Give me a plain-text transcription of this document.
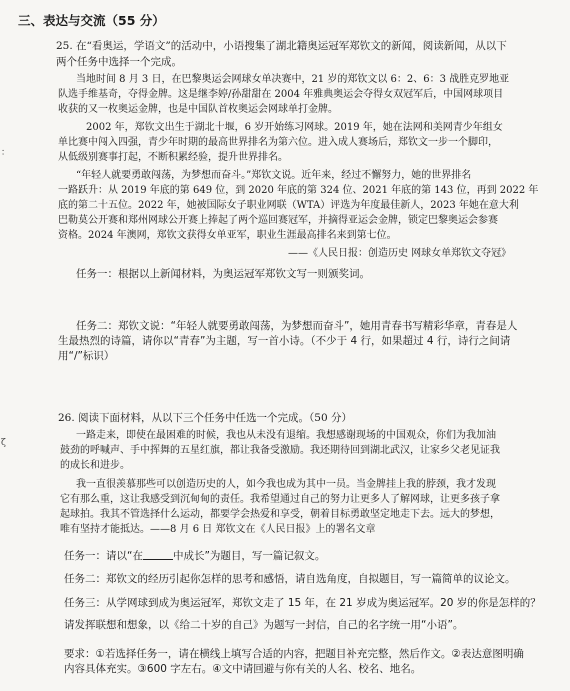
三、表达与交流（55 分）
25. 在“看奥运，学语文”的活动中，小语搜集了湖北籍奥运冠军郑钦文的新闻，阅读新闻，从以下
两个任务中选择一个完成。
当地时间 8 月 3 日，在巴黎奥运会网球女单决赛中，21 岁的郑钦文以 6：2、6：3 战胜克罗地亚
队选手维基奇，夺得金牌。这是继李婷/孙甜甜在 2004 年雅典奥运会夺得女双冠军后，中国网球项目
收获的又一枚奥运金牌，也是中国队首枚奥运会网球单打金牌。
2002 年，郑钦文出生于湖北十堰，6 岁开始练习网球。2019 年，她在法网和美网青少年组女
单比赛中闯入四强，青少年时期的最高世界排名为第六位。进入成人赛场后，郑钦文一步一个脚印，
从低级别赛事打起，不断积累经验，提升世界排名。
“年轻人就要勇敢闯荡，为梦想而奋斗。”郑钦文说。近年来，经过不懈努力，她的世界排名
一路跃升：从 2019 年底的第 649 位，到 2020 年底的第 324 位、2021 年底的第 143 位，再到 2022 年
底的第二十五位。2022 年，她被国际女子职业网联（WTA）评选为年度最佳新人，2023 年她在意大利
巴勒莫公开赛和郑州网球公开赛上捧起了两个巡回赛冠军，并摘得亚运会金牌，锁定巴黎奥运会参赛
资格。2024 年澳网，郑钦文获得女单亚军，职业生涯最高排名来到第七位。
——《人民日报：创造历史 网球女单郑钦文夺冠》
任务一：根据以上新闻材料，为奥运冠军郑钦文写一则颁奖词。
任务二：郑钦文说：“年轻人就要勇敢闯荡，为梦想而奋斗”，她用青春书写精彩华章，青春是人
生最热烈的诗篇，请你以“青春”为主题，写一首小诗。（不少于 4 行，如果超过 4 行，诗行之间请
用“/”标识）
26. 阅读下面材料，从以下三个任务中任选一个完成。（50 分）
一路走来，即使在最困难的时候，我也从未没有退缩。我想感谢现场的中国观众，你们为我加油
鼓劲的呼喊声、手中挥舞的五星红旗，都让我备受激励。我还期待回到湖北武汉，让家乡父老见证我
的成长和进步。
我一直很羡慕那些可以创造历史的人，如今我也成为其中一员。当金牌挂上我的脖颈，我才发现
它有那么重，这让我感受到沉甸甸的责任。我希望通过自己的努力让更多人了解网球，让更多孩子拿
起球拍。我其不管选择什么运动，都要学会热爱和享受，朝着目标勇敢坚定地走下去。远大的梦想，
唯有坚持才能抵达。——8 月 6 日 郑钦文在《人民日报》上的署名文章
任务一：请以“在	中成长”为题目，写一篇记叙文。
任务二：郑钦文的经历引起你怎样的思考和感悟，请自选角度，自拟题目，写一篇简单的议论文。
任务三：从学网球到成为奥运冠军，郑钦文走了 15 年，在 21 岁成为奥运冠军。20 岁的你是怎样的？
请发挥联想和想象，以《给二十岁的自己》为题写一封信，自己的名字统一用“小语”。
要求：①若选择任务一，请在横线上填写合适的内容，把题目补充完整，然后作文。②表达意图明确
内容具体充实。③600 字左右。④文中请回避与你有关的人名、校名、地名。
：
ζ
